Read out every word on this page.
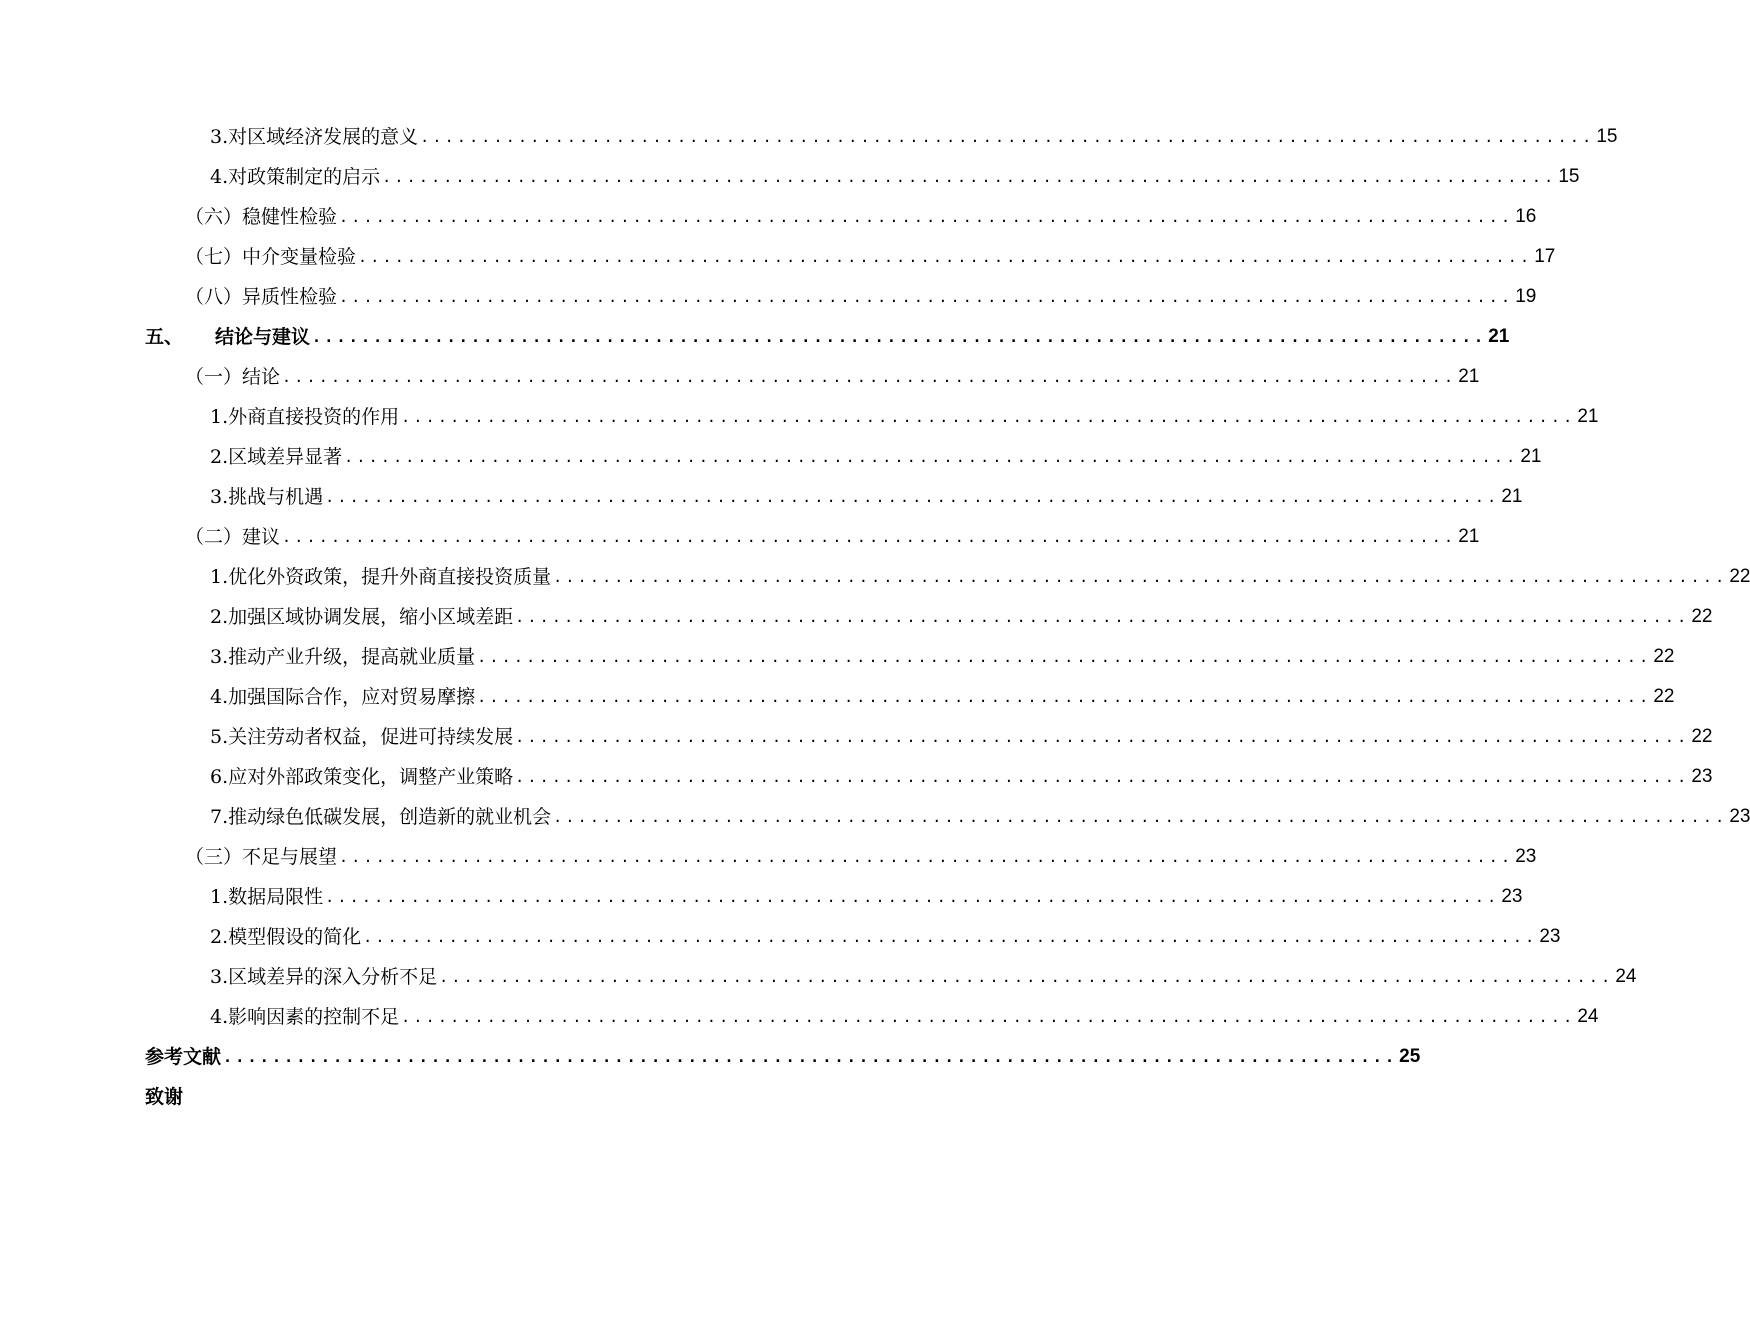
3. 对区域经济发展的意义 ................................................................................................ 15
4. 对政策制定的启示 ................................................................................................ 15
（六） 稳健性检验 ................................................................................................ 16
（七） 中介变量检验 ................................................................................................ 17
（八） 异质性检验 ................................................................................................ 19
五、 结论与建议 ................................................................................................ 21
（一） 结论 ................................................................................................ 21
1. 外商直接投资的作用 ................................................................................................ 21
2. 区域差异显著 ................................................................................................ 21
3. 挑战与机遇 ................................................................................................ 21
（二） 建议 ................................................................................................ 21
1. 优化外资政策，提升外商直接投资质量 ................................................................................................ 22
2. 加强区域协调发展，缩小区域差距 ................................................................................................ 22
3. 推动产业升级，提高就业质量 ................................................................................................ 22
4. 加强国际合作，应对贸易摩擦 ................................................................................................ 22
5. 关注劳动者权益，促进可持续发展 ................................................................................................ 22
6. 应对外部政策变化，调整产业策略 ................................................................................................ 23
7. 推动绿色低碳发展，创造新的就业机会 ................................................................................................ 23
（三） 不足与展望 ................................................................................................ 23
1. 数据局限性 ................................................................................................ 23
2. 模型假设的简化 ................................................................................................ 23
3. 区域差异的深入分析不足 ................................................................................................ 24
4. 影响因素的控制不足 ................................................................................................ 24
参考文献 ................................................................................................ 25
致谢
